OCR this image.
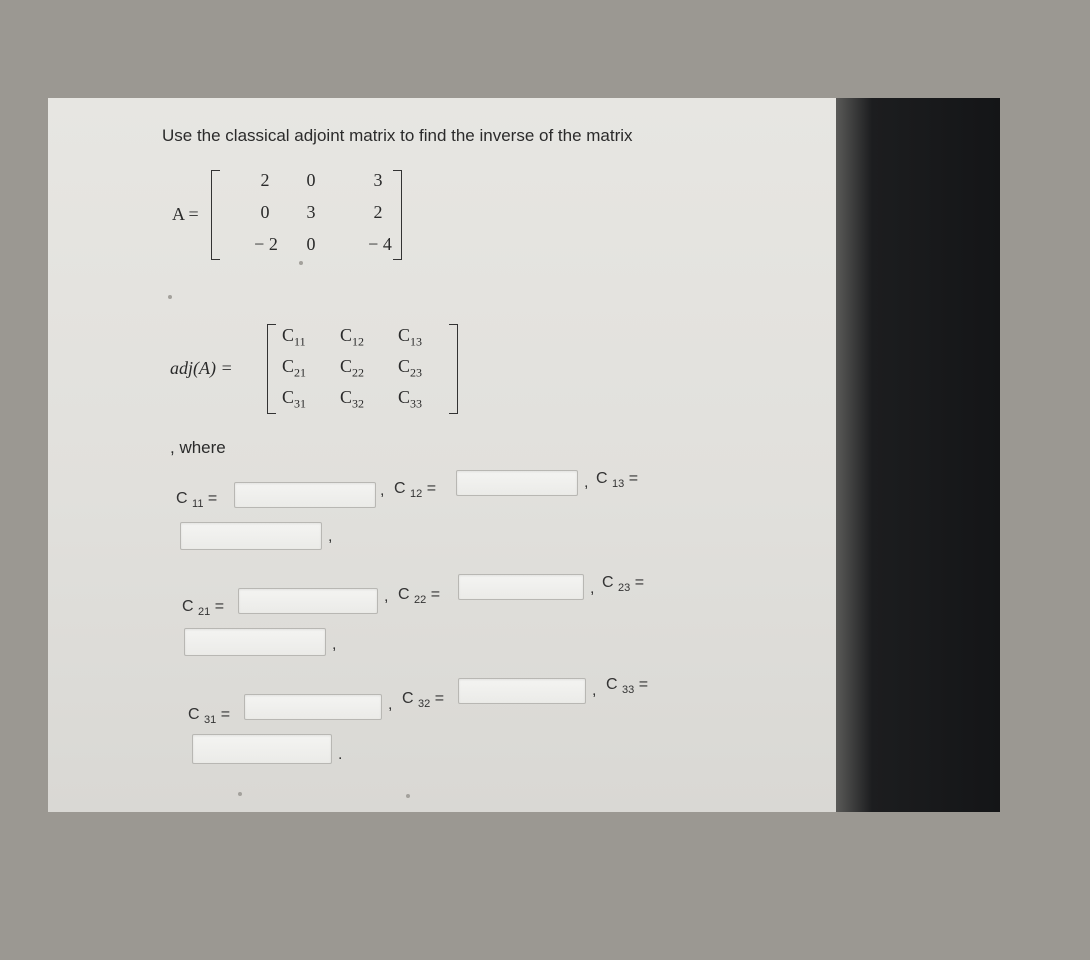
Use the classical adjoint matrix to find the inverse of the matrix
A =
2	0	3
0	3	2
− 2	0	− 4
adj(A) =
$C_{11}$ $C_{12}$ $C_{13}$
$C_{21}$ $C_{22}$ $C_{23}$
$C_{31}$ $C_{32}$ $C_{33}$
, where
C $_{11}$ =	, C $_{12}$ =	, C $_{13}$ =
,
C $_{21}$ =
, C $_{22}$ =	, C $_{23}$ =
,
C $_{31}$ =
, C $_{32}$ =	, C $_{33}$ =
.
